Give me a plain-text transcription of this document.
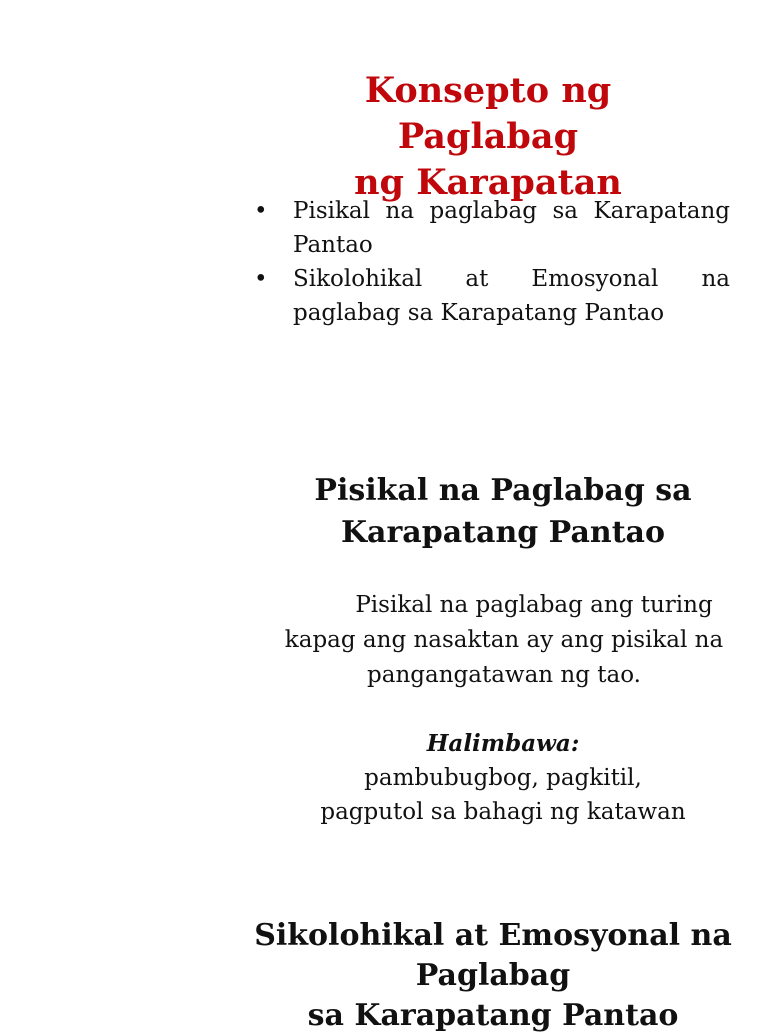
Konsepto ng Paglabag
ng Karapatan
• Pisikal na paglabag sa Karapatang Pantao
• Sikolohikal at Emosyonal na paglabag sa Karapatang Pantao
Pisikal na Paglabag sa
Karapatang Pantao
Pisikal na paglabag ang turing
kapag ang nasaktan ay ang pisikal na
pangangatawan ng tao.
Halimbawa:
pambubugbog, pagkitil,
pagputol sa bahagi ng katawan
Sikolohikal at Emosyonal na
Paglabag
sa Karapatang Pantao
